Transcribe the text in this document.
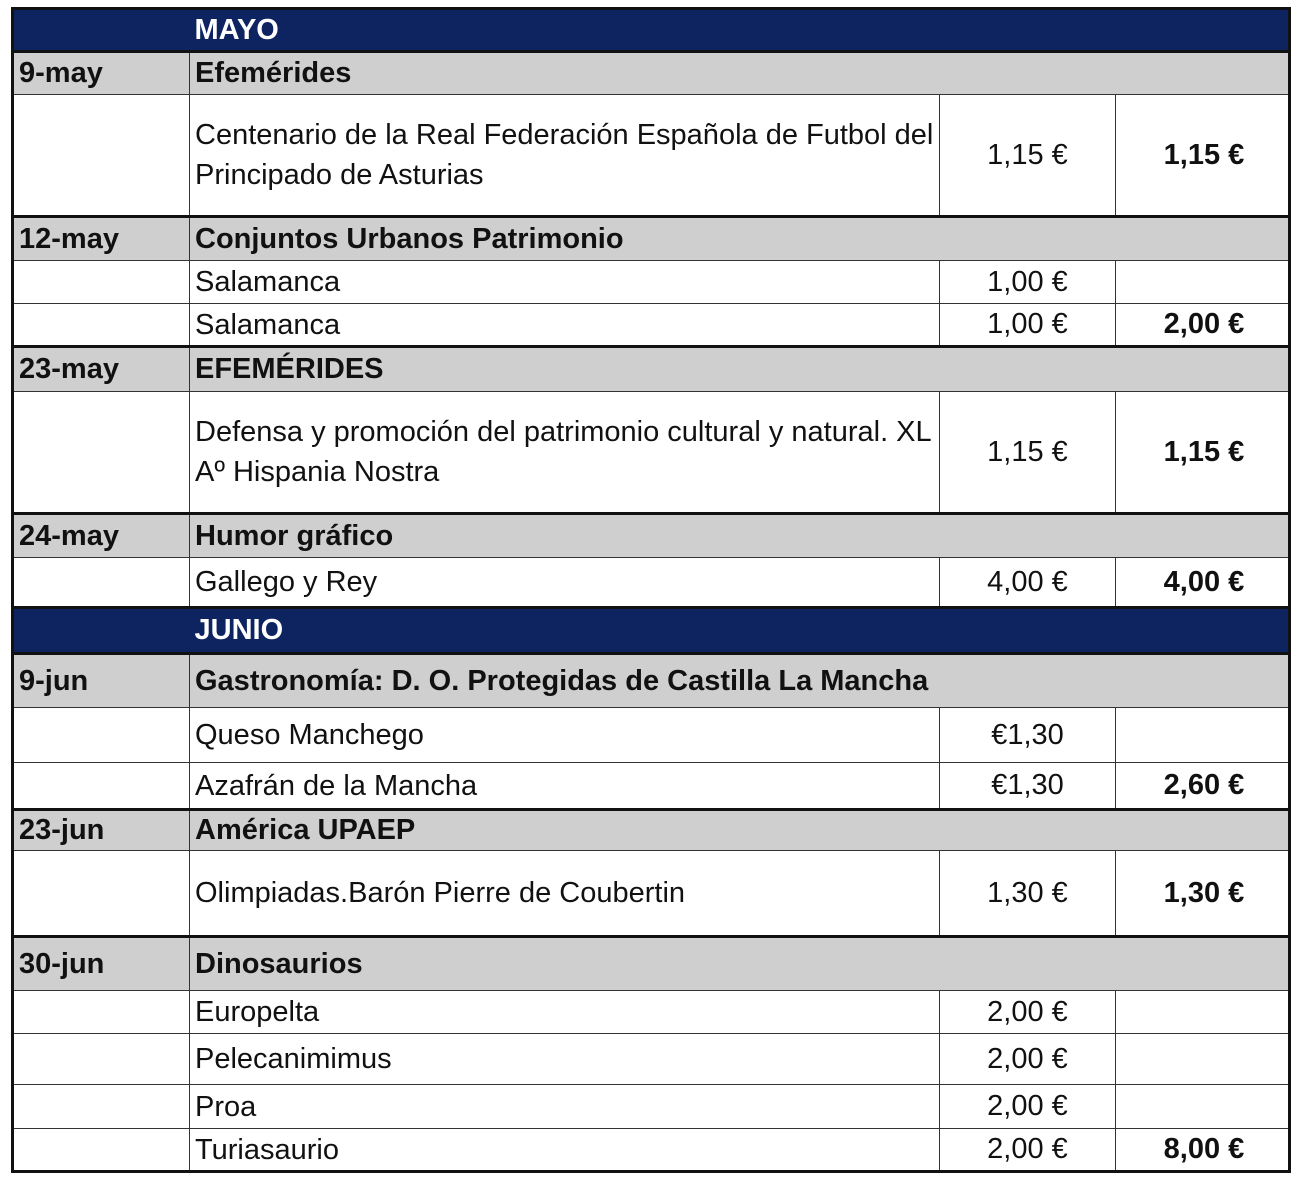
	MAYO		
9-may	Efemérides		
	Centenario de la Real Federación Española de Futbol del Principado de Asturias	1,15 €	1,15 €
12-may	Conjuntos Urbanos Patrimonio		
	Salamanca	1,00 €	
	Salamanca	1,00 €	2,00 €
23-may	EFEMÉRIDES		
	Defensa y promoción del patrimonio cultural y natural. XL Aº Hispania Nostra	1,15 €	1,15 €
24-may	Humor gráfico		
	Gallego y Rey	4,00 €	4,00 €
	JUNIO		
9-jun	Gastronomía: D. O. Protegidas de Castilla La Mancha		
	Queso Manchego	€1,30	
	Azafrán de la Mancha	€1,30	2,60 €
23-jun	América UPAEP		
	Olimpiadas.Barón Pierre de Coubertin	1,30 €	1,30 €
30-jun	Dinosaurios		
	Europelta	2,00 €	
	Pelecanimimus	2,00 €	
	Proa	2,00 €	
	Turiasaurio	2,00 €	8,00 €
